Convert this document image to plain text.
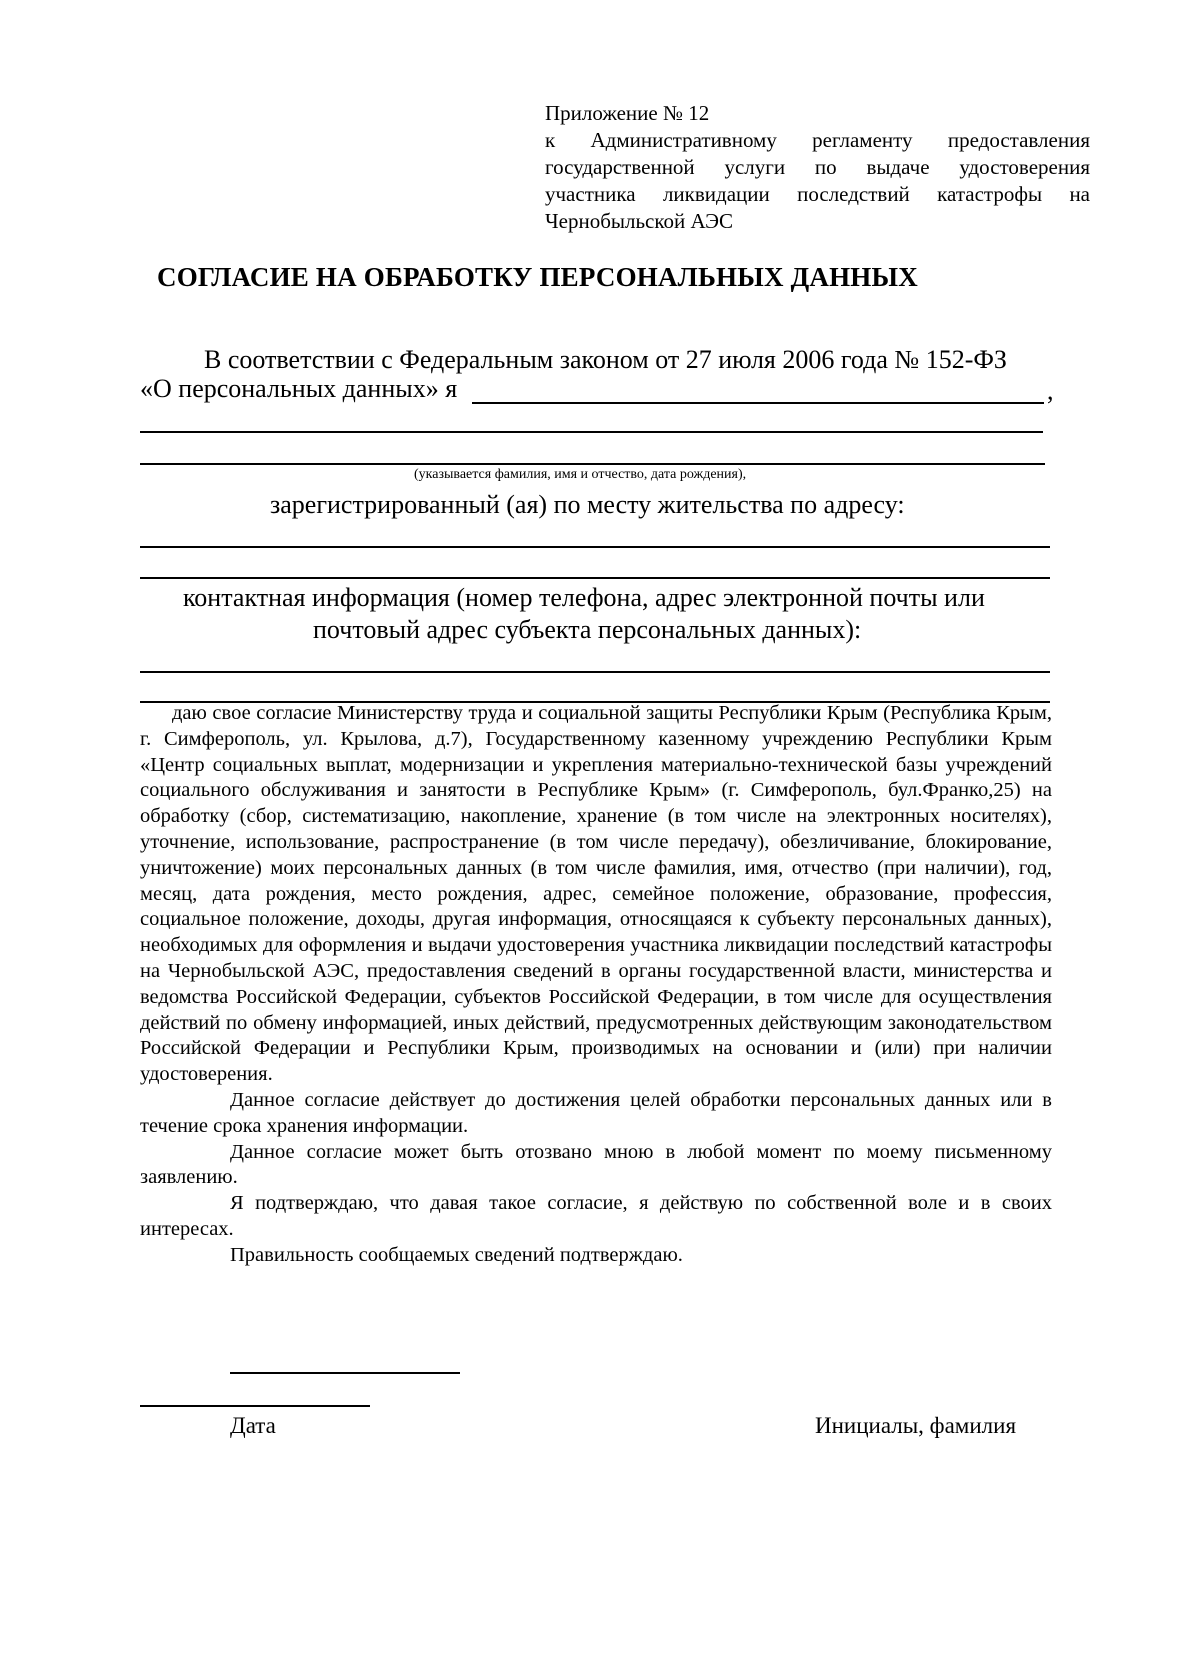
Приложение № 12
к Административному регламенту предоставления
государственной услуги по выдаче удостоверения
участника ликвидации последствий катастрофы на
Чернобыльской АЭС
СОГЛАСИЕ НА ОБРАБОТКУ ПЕРСОНАЛЬНЫХ ДАННЫХ
В соответствии с Федеральным законом от 27 июля 2006 года № 152-ФЗ
«О персональных данных» я	,
(указывается фамилия, имя и отчество, дата рождения),
зарегистрированный (ая) по месту жительства по адресу:
контактная информация (номер телефона, адрес электронной почты или
почтовый адрес субъекта персональных данных):

даю свое согласие Министерству труда и социальной защиты Республики Крым (Республика Крым, г. Симферополь, ул. Крылова, д.7), Государственному казенному учреждению Республики Крым «Центр социальных выплат, модернизации и укрепления материально-технической базы учреждений социального обслуживания и занятости в Республике Крым» (г. Симферополь, бул.Франко,25) на обработку (сбор, систематизацию, накопление, хранение (в том числе на электронных носителях), уточнение, использование, распространение (в том числе передачу), обезличивание, блокирование, уничтожение) моих персональных данных (в том числе фамилия, имя, отчество (при наличии), год, месяц, дата рождения, место рождения, адрес, семейное положение, образование, профессия, социальное положение, доходы, другая информация, относящаяся к субъекту персональных данных), необходимых для оформления и выдачи удостоверения участника ликвидации последствий катастрофы на Чернобыльской АЭС, предоставления сведений в органы государственной власти, министерства и ведомства Российской Федерации, субъектов Российской Федерации, в том числе для осуществления действий по обмену информацией, иных действий, предусмотренных действующим законодательством Российской Федерации и Республики Крым, производимых на основании и (или) при наличии удостоверения.

Данное согласие действует до достижения целей обработки персональных данных или в течение срока хранения информации.

Данное согласие может быть отозвано мною в любой момент по моему письменному заявлению.

Я подтверждаю, что давая такое согласие, я действую по собственной воле и в своих интересах.

Правильность сообщаемых сведений подтверждаю.

Дата	Инициалы, фамилия
